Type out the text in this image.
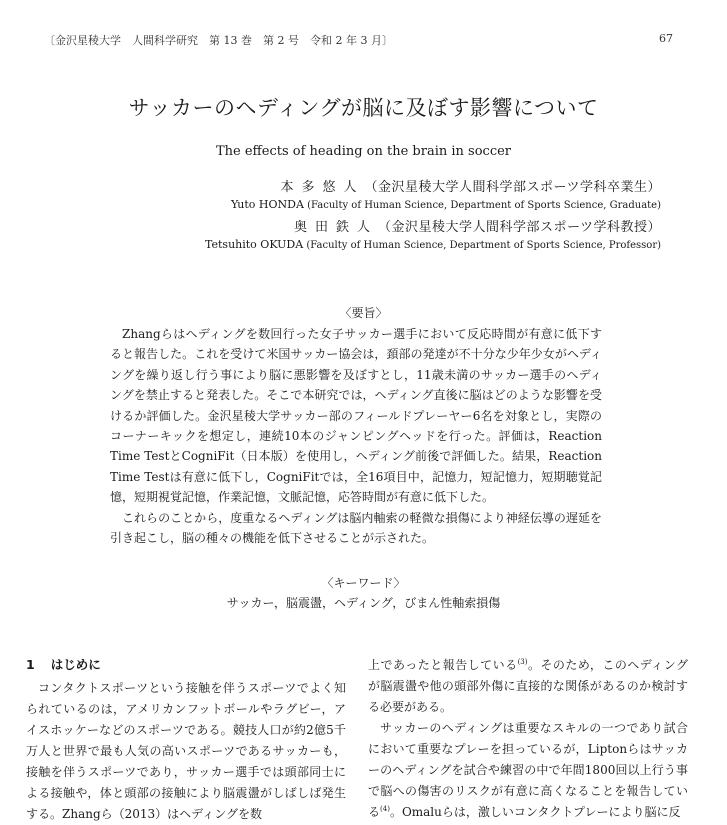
〔金沢星稜大学　人間科学研究　第 13 巻　第 2 号　令和 2 年 3 月〕	67
サッカーのヘディングが脳に及ぼす影響について
The effects of heading on the brain in soccer
本多悠人（金沢星稜大学人間科学部スポーツ学科卒業生）
Yuto HONDA (Faculty of Human Science, Department of Sports Science, Graduate)
奥田鉄人（金沢星稜大学人間科学部スポーツ学科教授）
Tetsuhito OKUDA (Faculty of Human Science, Department of Sports Science, Professor)
〈要旨〉

Zhangらはヘディングを数回行った女子サッカー選手において反応時間が有意に低下すると報告した。これを受けて米国サッカー協会は，頚部の発達が不十分な少年少女がヘディングを繰り返し行う事により脳に悪影響を及ぼすとし，11歳未満のサッカー選手のヘディングを禁止すると発表した。そこで本研究では，ヘディング直後に脳はどのような影響を受けるか評価した。金沢星稜大学サッカー部のフィールドプレーヤー6名を対象とし，実際のコーナーキックを想定し，連続10本のジャンピングヘッドを行った。評価は，Reaction Time TestとCogniFit（日本版）を使用し，ヘディング前後で評価した。結果，Reaction Time Testは有意に低下し，CogniFitでは，全16項目中，記憶力，短記憶力，短期聴覚記憶，短期視覚記憶，作業記憶，文脈記憶，応答時間が有意に低下した。

これらのことから，度重なるヘディングは脳内軸索の軽微な損傷により神経伝導の遅延を引き起こし，脳の種々の機能を低下させることが示された。

〈キーワード〉
サッカー，脳震盪，ヘディング，びまん性軸索損傷
1 はじめに

コンタクトスポーツという接触を伴うスポーツでよく知られているのは，アメリカンフットボールやラグビー，アイスホッケーなどのスポーツである。競技人口が約2億5千万人と世界で最も人気の高いスポーツであるサッカーも，接触を伴うスポーツであり，サッカー選手では頭部同士による接触や，体と頭部の接触により脳震盪がしばしば発生する。Zhangら（2013）はヘディングを数

上であったと報告している$^{(3)}$。そのため，このヘディングが脳震盪や他の頭部外傷に直接的な関係があるのか検討する必要がある。

サッカーのヘディングは重要なスキルの一つであり試合において重要なプレーを担っているが，Liptonらはサッカーのヘディングを試合や練習の中で年間1800回以上行う事で脳への傷害のリスクが有意に高くなることを報告している$^{(4)}$。Omaluらは，激しいコンタクトプレーにより脳に反
